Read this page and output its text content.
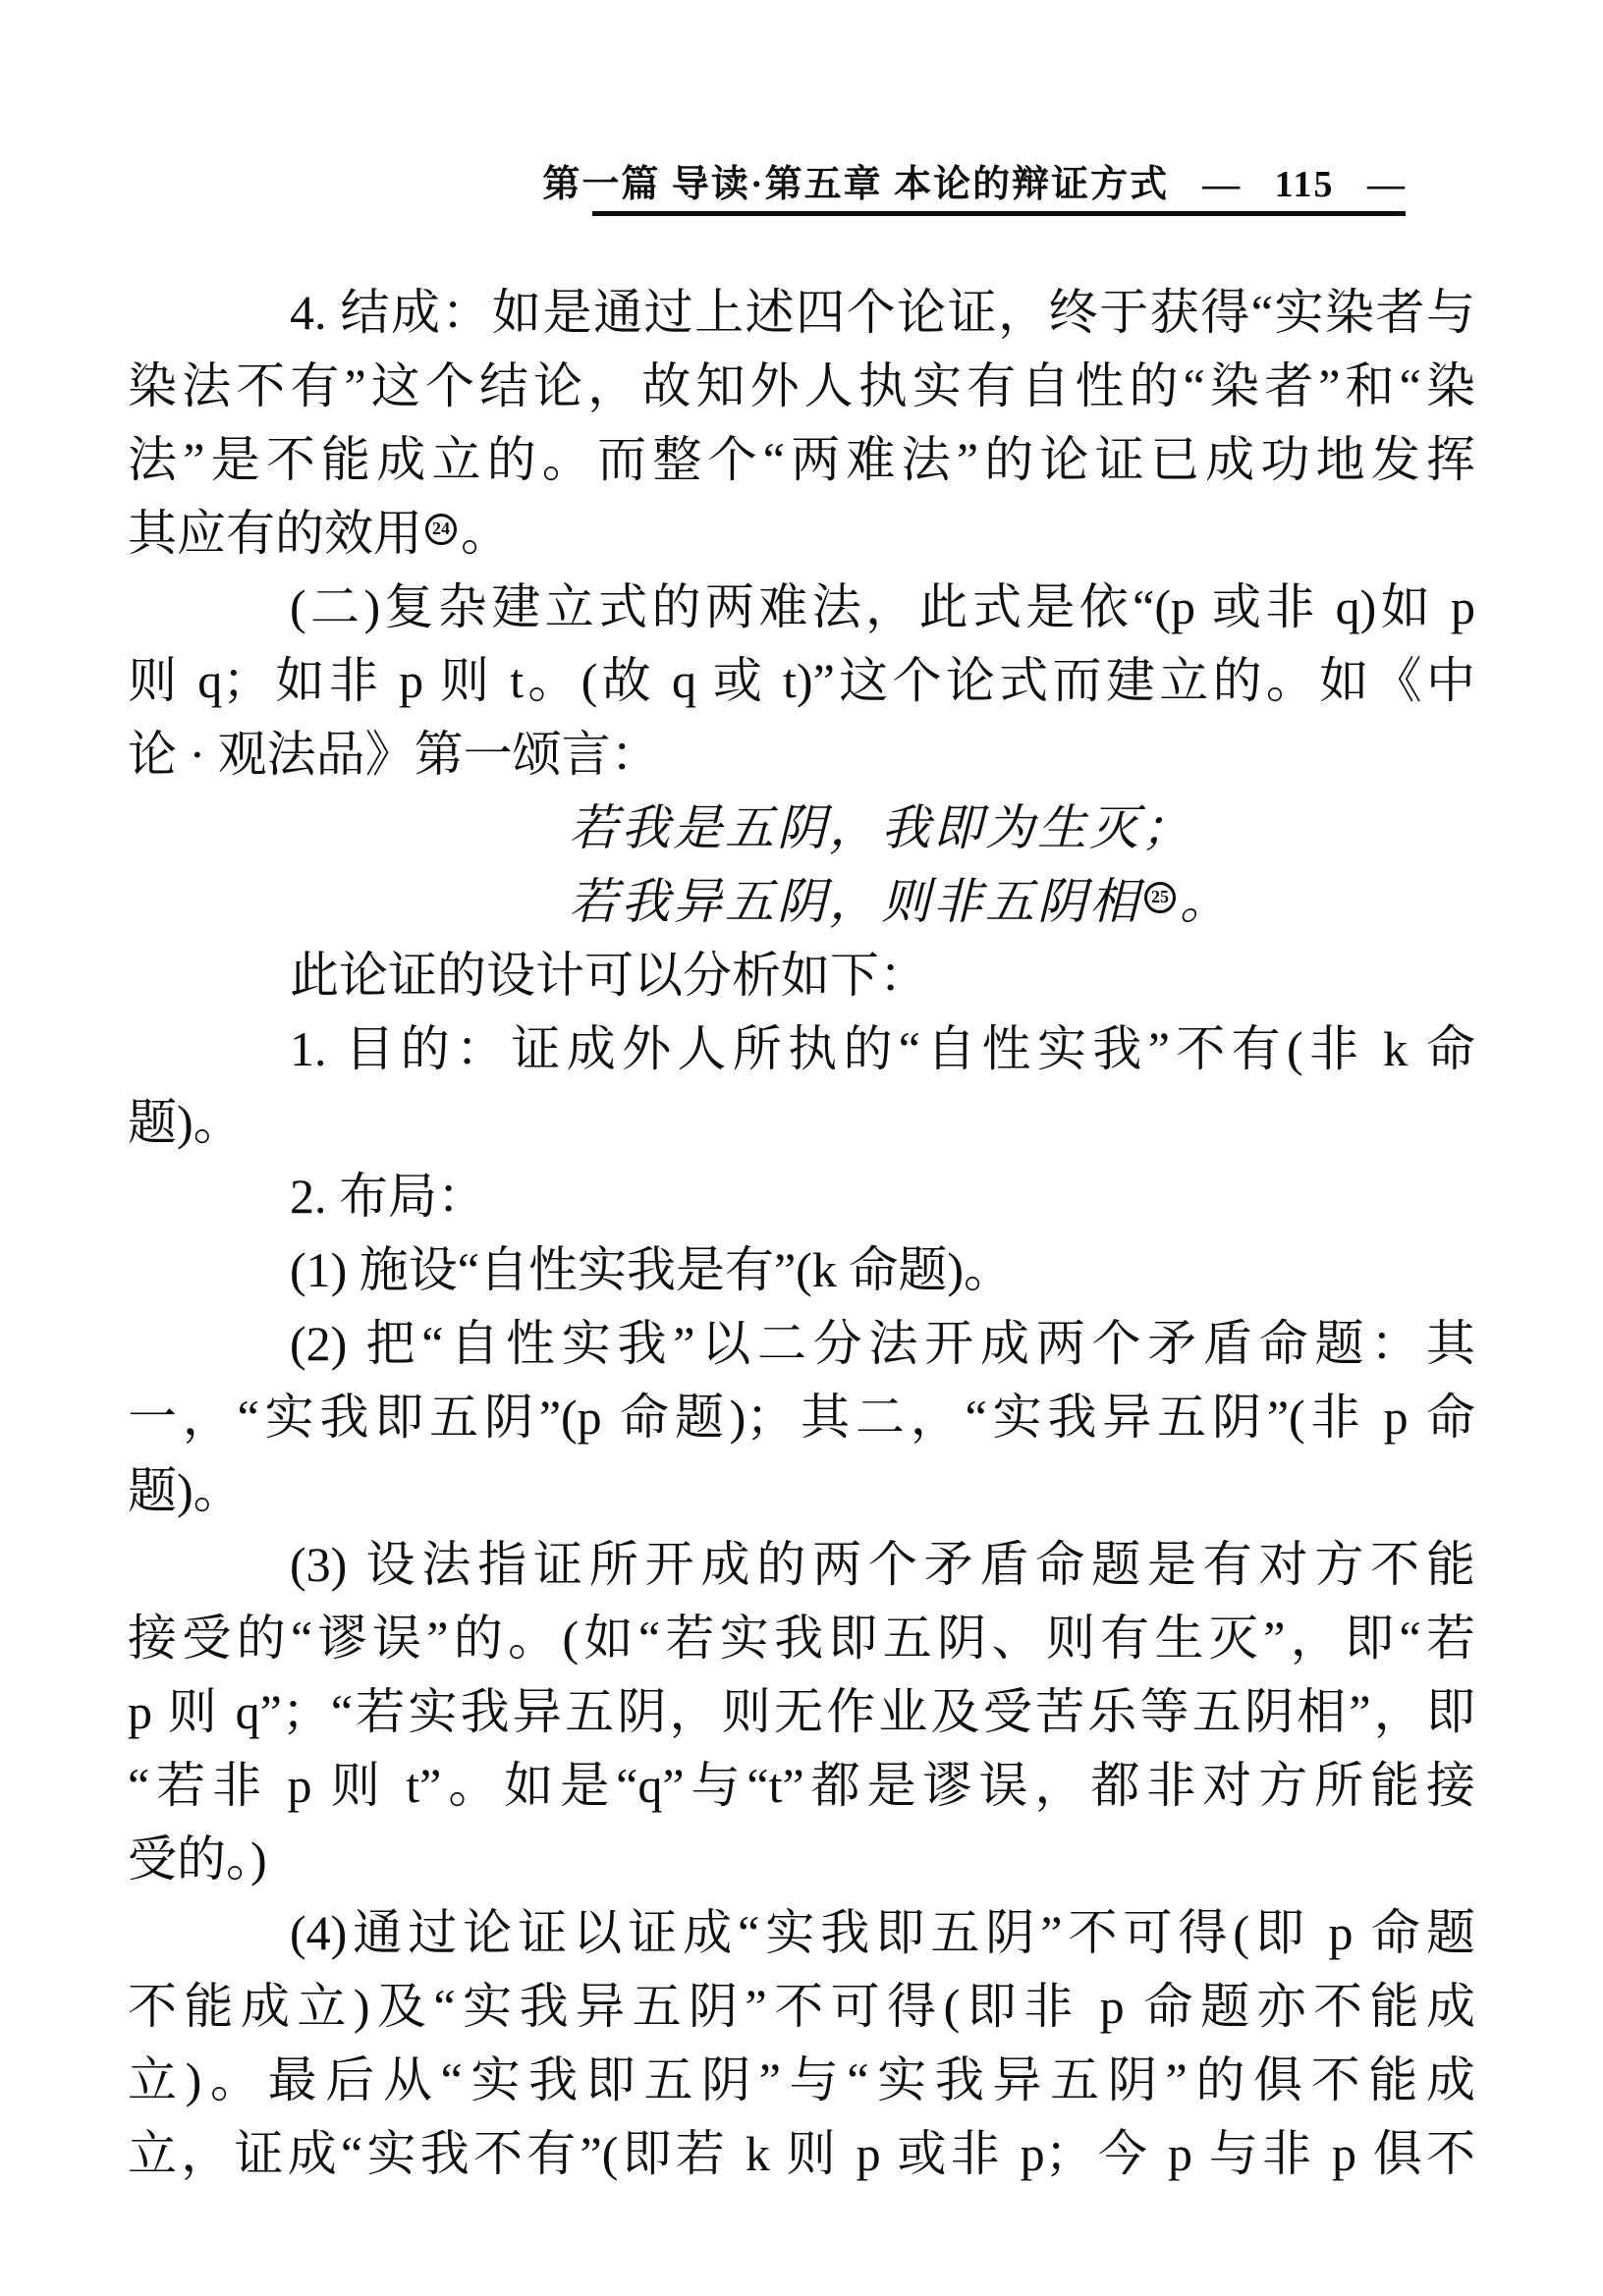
第一篇 导读·第五章 本论的辩证方式 — 115 —
4. 结成：如是通过上述四个论证，终于获得“实染者与
染法不有”这个结论，故知外人执实有自性的“染者”和“染
法”是不能成立的。而整个“两难法”的论证已成功地发挥
其应有的效用 24 。
(二)复杂建立式的两难法，此式是依“(p 或非 q)如 p
则 q；如非 p 则 t。(故 q 或 t)”这个论式而建立的。如《中
论 · 观法品》第一颂言：
若我是五阴，我即为生灭；
若我异五阴，则非五阴相 25 。
此论证的设计可以分析如下：
1. 目的：证成外人所执的“自性实我”不有(非 k 命
题)。
2. 布局：
(1) 施设“自性实我是有”(k 命题)。
(2) 把“自性实我”以二分法开成两个矛盾命题：其
一，“实我即五阴”(p 命题)；其二，“实我异五阴”(非 p 命
题)。
(3) 设法指证所开成的两个矛盾命题是有对方不能
接受的“谬误”的。(如“若实我即五阴、则有生灭”，即“若
p 则 q”；“若实我异五阴，则无作业及受苦乐等五阴相”，即
“若非 p 则 t”。如是“q”与“t”都是谬误，都非对方所能接
受的。)
(4)通过论证以证成“实我即五阴”不可得(即 p 命题
不能成立)及“实我异五阴”不可得(即非 p 命题亦不能成
立)。最后从“实我即五阴”与“实我异五阴”的俱不能成
立，证成“实我不有”(即若 k 则 p 或非 p；今 p 与非 p 俱不
